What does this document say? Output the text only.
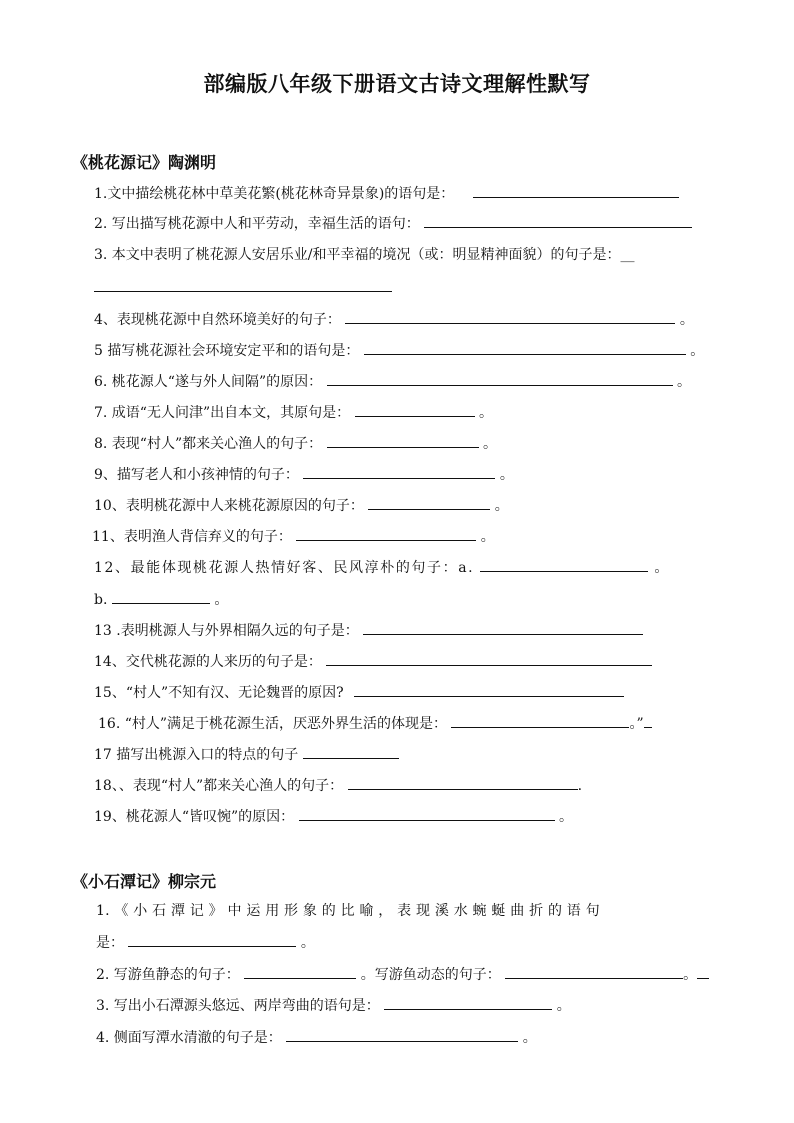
部编版八年级下册语文古诗文理解性默写
《桃花源记》陶渊明
1.文中描绘桃花林中草美花繁(桃花林奇异景象)的语句是：
2. 写出描写桃花源中人和平劳动，幸福生活的语句：
3. 本文中表明了桃花源人安居乐业/和平幸福的境况（或：明显精神面貌）的句子是：__
4、表现桃花源中自然环境美好的句子：	。
5 描写桃花源社会环境安定平和的语句是：	。
6. 桃花源人“遂与外人间隔”的原因：	。
7. 成语“无人问津”出自本文，其原句是：	。
8. 表现“村人”都来关心渔人的句子：	。
9、描写老人和小孩神情的句子：	。
10、表明桃花源中人来桃花源原因的句子：	。
11、表明渔人背信弃义的句子：	。
12、最能体现桃花源人热情好客、民风淳朴的句子：a.	。
b.	。
13 .表明桃源人与外界相隔久远的句子是：
14、交代桃花源的人来历的句子是：
15、“村人”不知有汉、无论魏晋的原因?
16. “村人”满足于桃花源生活，厌恶外界生活的体现是：	。”
17 描写出桃源入口的特点的句子
18、、表现“村人”都来关心渔人的句子：	.
19、桃花源人“皆叹惋”的原因：	。
《小石潭记》柳宗元
1. 《 小 石 潭 记 》 中 运 用 形 象 的 比 喻 ， 表 现 溪 水 蜿 蜒 曲 折 的 语 句
是：	。
2. 写游鱼静态的句子：	。写游鱼动态的句子：	。
3. 写出小石潭源头悠远、两岸弯曲的语句是：	。
4. 侧面写潭水清澈的句子是：	。
